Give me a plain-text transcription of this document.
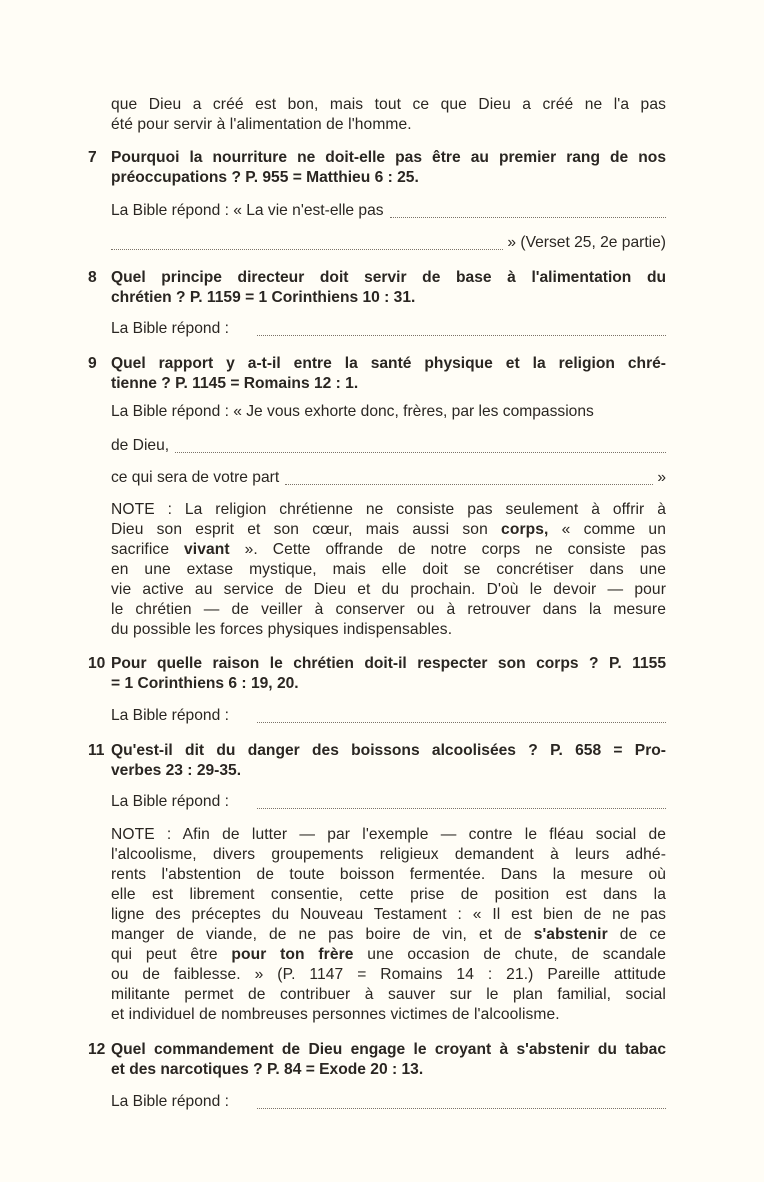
que Dieu a créé est bon, mais tout ce que Dieu a créé ne l'a pas
été pour servir à l'alimentation de l'homme.
7 Pourquoi la nourriture ne doit-elle pas être au premier rang de nos
préoccupations ? P. 955 = Matthieu 6 : 25.
La Bible répond : « La vie n'est-elle pas
» (Verset 25, 2e partie)
8 Quel principe directeur doit servir de base à l'alimentation du
chrétien ? P. 1159 = 1 Corinthiens 10 : 31.
La Bible répond :
9 Quel rapport y a-t-il entre la santé physique et la religion chré-
tienne ? P. 1145 = Romains 12 : 1.
La Bible répond : « Je vous exhorte donc, frères, par les compassions
de Dieu,
ce qui sera de votre part	»
NOTE : La religion chrétienne ne consiste pas seulement à offrir à
Dieu son esprit et son cœur, mais aussi son corps, « comme un
sacrifice vivant ». Cette offrande de notre corps ne consiste pas
en une extase mystique, mais elle doit se concrétiser dans une
vie active au service de Dieu et du prochain. D'où le devoir — pour
le chrétien — de veiller à conserver ou à retrouver dans la mesure
du possible les forces physiques indispensables.
10 Pour quelle raison le chrétien doit-il respecter son corps ? P. 1155
= 1 Corinthiens 6 : 19, 20.
La Bible répond :
11 Qu'est-il dit du danger des boissons alcoolisées ? P. 658 = Pro-
verbes 23 : 29-35.
La Bible répond :
NOTE : Afin de lutter — par l'exemple — contre le fléau social de
l'alcoolisme, divers groupements religieux demandent à leurs adhé-
rents l'abstention de toute boisson fermentée. Dans la mesure où
elle est librement consentie, cette prise de position est dans la
ligne des préceptes du Nouveau Testament : « Il est bien de ne pas
manger de viande, de ne pas boire de vin, et de s'abstenir de ce
qui peut être pour ton frère une occasion de chute, de scandale
ou de faiblesse. » (P. 1147 = Romains 14 : 21.) Pareille attitude
militante permet de contribuer à sauver sur le plan familial, social
et individuel de nombreuses personnes victimes de l'alcoolisme.
12 Quel commandement de Dieu engage le croyant à s'abstenir du tabac
et des narcotiques ? P. 84 = Exode 20 : 13.
La Bible répond :
